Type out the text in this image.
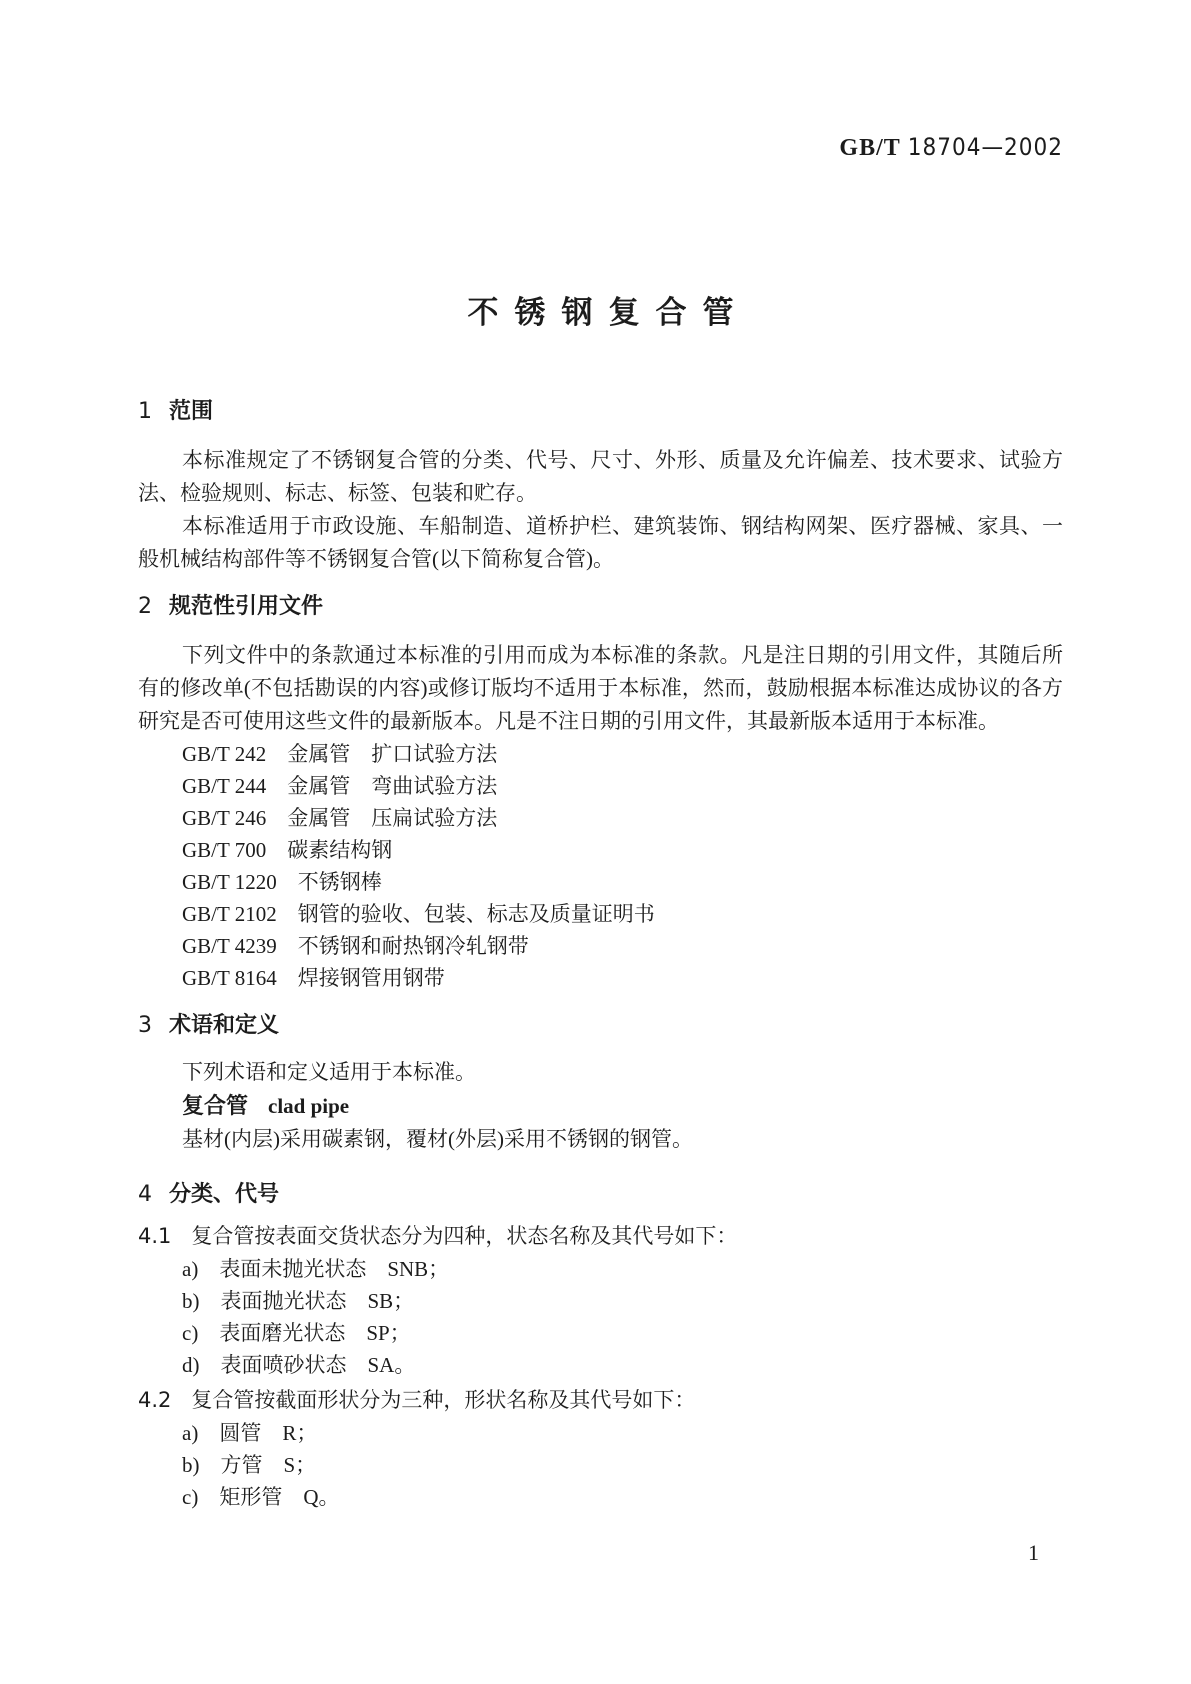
GB/T 18704—2002
不锈钢复合管
1 范围

本标准规定了不锈钢复合管的分类、代号、尺寸、外形、质量及允许偏差、技术要求、试验方法、检验规则、标志、标签、包装和贮存。

本标准适用于市政设施、车船制造、道桥护栏、建筑装饰、钢结构网架、医疗器械、家具、一般机械结构部件等不锈钢复合管(以下简称复合管)。

2 规范性引用文件

下列文件中的条款通过本标准的引用而成为本标准的条款。凡是注日期的引用文件，其随后所有的修改单(不包括勘误的内容)或修订版均不适用于本标准，然而，鼓励根据本标准达成协议的各方研究是否可使用这些文件的最新版本。凡是不注日期的引用文件，其最新版本适用于本标准。

GB/T 242　金属管　扩口试验方法
GB/T 244　金属管　弯曲试验方法
GB/T 246　金属管　压扁试验方法
GB/T 700　碳素结构钢
GB/T 1220　不锈钢棒
GB/T 2102　钢管的验收、包装、标志及质量证明书
GB/T 4239　不锈钢和耐热钢冷轧钢带
GB/T 8164　焊接钢管用钢带
3 术语和定义
下列术语和定义适用于本标准。
复合管 clad pipe
基材(内层)采用碳素钢，覆材(外层)采用不锈钢的钢管。
4 分类、代号
4.1 复合管按表面交货状态分为四种，状态名称及其代号如下：
a)　表面未抛光状态　SNB；
b)　表面抛光状态　SB；
c)　表面磨光状态　SP；
d)　表面喷砂状态　SA。
4.2 复合管按截面形状分为三种，形状名称及其代号如下：
a)　圆管　R；
b)　方管　S；
c)　矩形管　Q。
1
